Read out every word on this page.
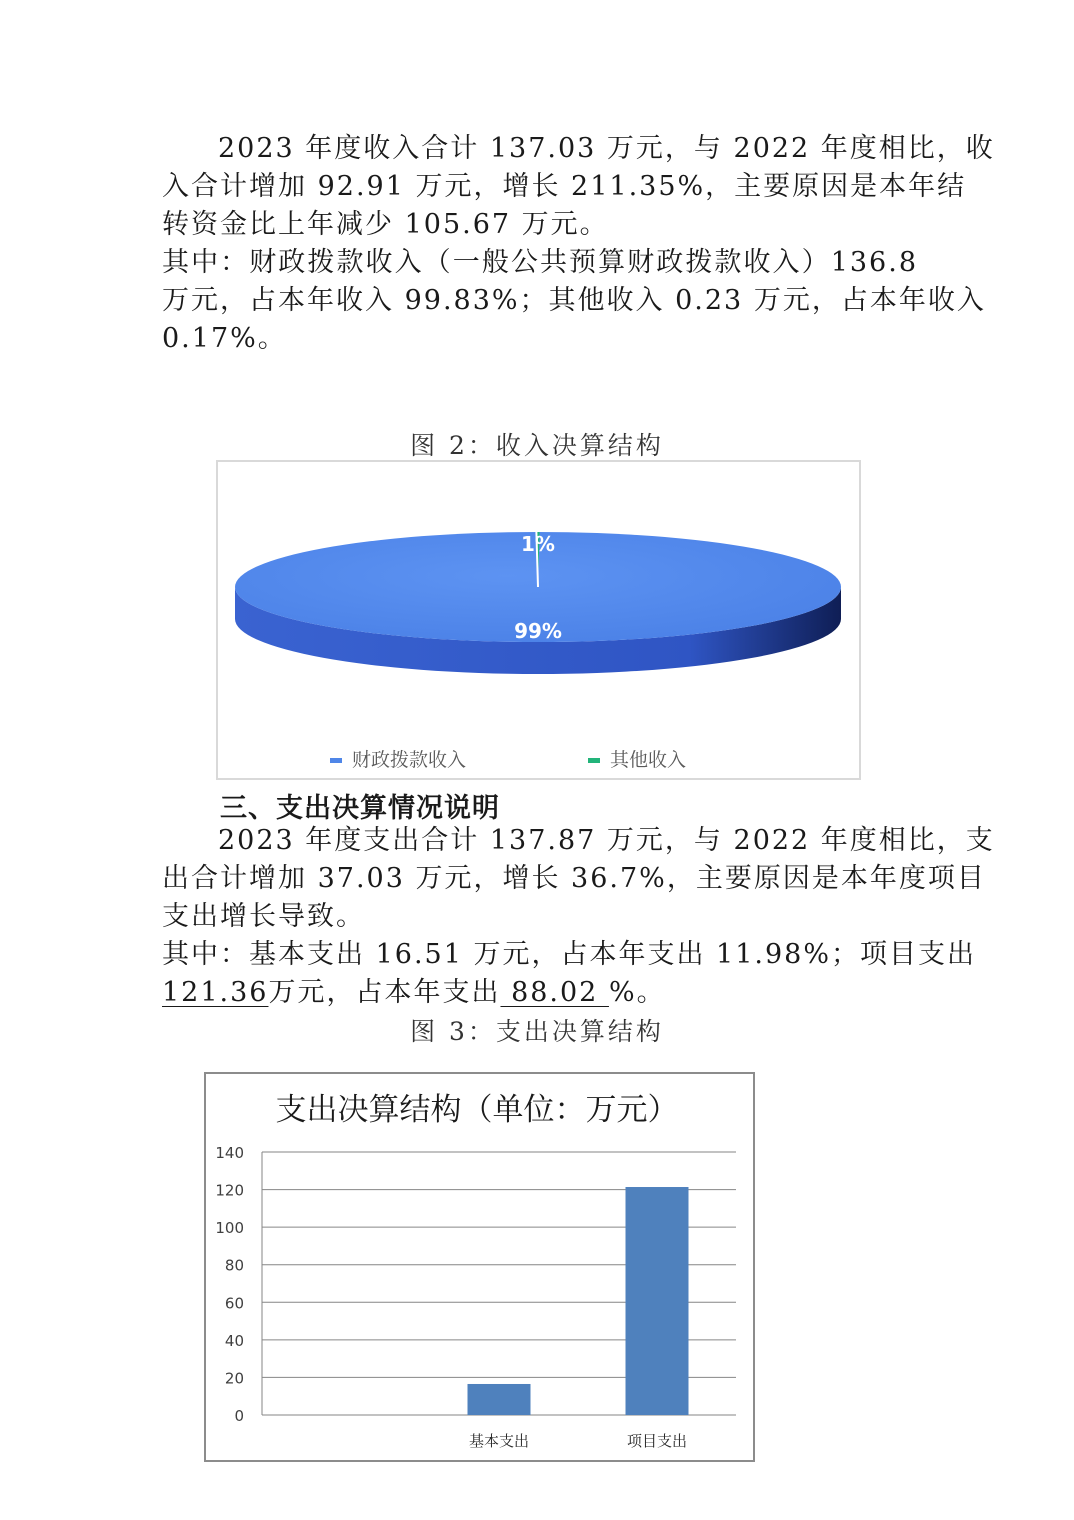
2023 年度收入合计 137.03 万元，与 2022 年度相比，收
入合计增加 92.91 万元，增长 211.35%，主要原因是本年结
转资金比上年减少 105.67 万元。
其中：财政拨款收入（一般公共预算财政拨款收入）136.8
万元，占本年收入 99.83%；其他收入 0.23 万元，占本年收入
0.17%。
图 2：收入决算结构
99%
1%
财政拨款收入	其他收入
三、支出决算情况说明
2023 年度支出合计 137.87 万元，与 2022 年度相比，支
出合计增加 37.03 万元，增长 36.7%，主要原因是本年度项目
支出增长导致。
其中：基本支出 16.51 万元，占本年支出 11.98%；项目支出
121.36万元，占本年支出 88.02 %。
图 3：支出决算结构
支出决算结构（单位：万元）
0
20
40
60
80
100
120
140
基本支出	项目支出
